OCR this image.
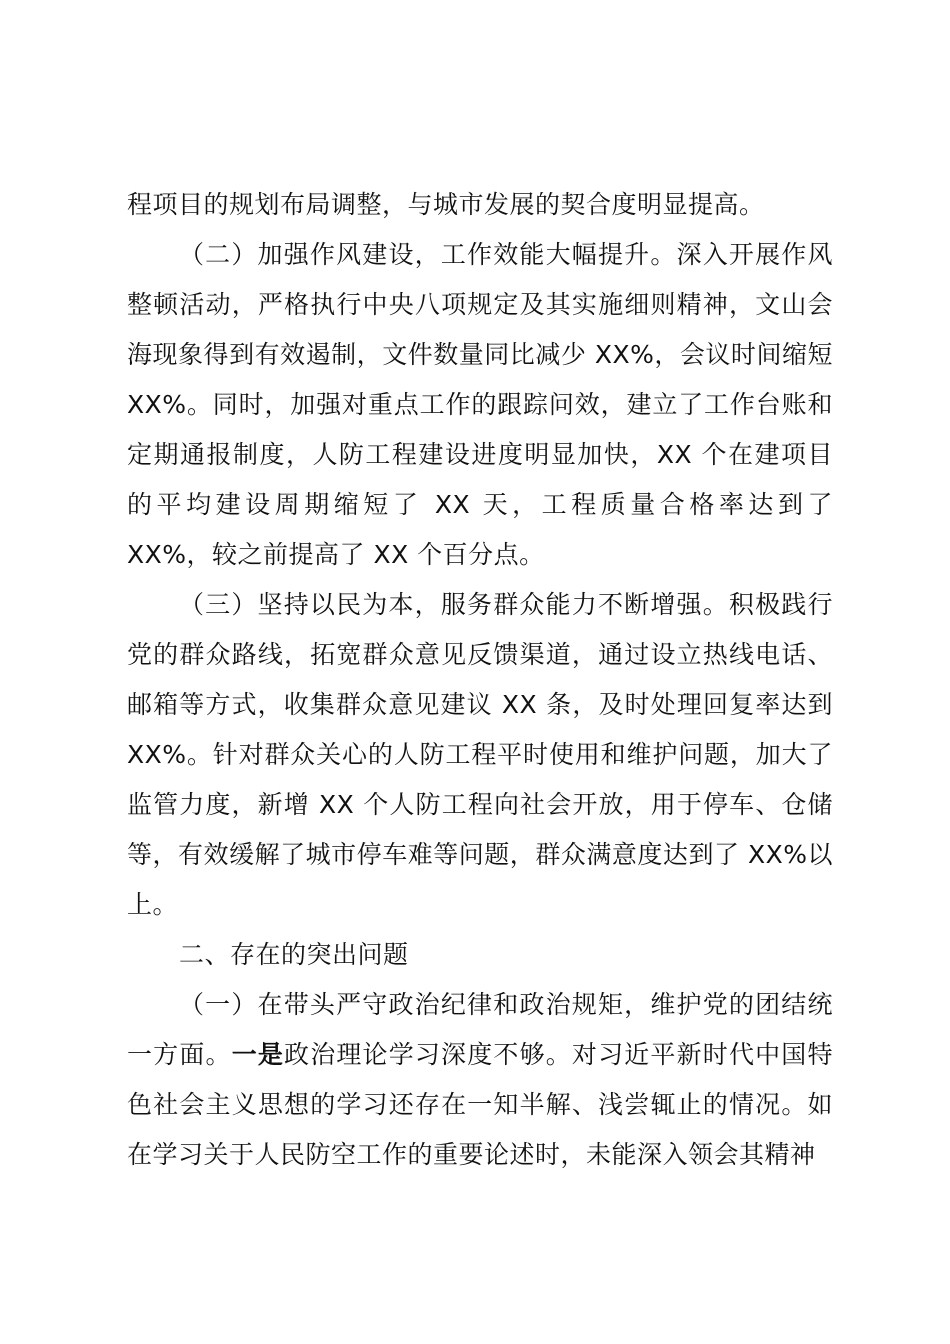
程项目的规划布局调整，与城市发展的契合度明显提高。

（二）加强作风建设，工作效能大幅提升。深入开展作风整顿活动，严格执行中央八项规定及其实施细则精神，文山会海现象得到有效遏制，文件数量同比减少 XX%，会议时间缩短 XX%。同时，加强对重点工作的跟踪问效，建立了工作台账和定期通报制度，人防工程建设进度明显加快，XX 个在建项目的平均建设周期缩短了 XX 天，工程质量合格率达到了 XX%，较之前提高了 XX 个百分点。

（三）坚持以民为本，服务群众能力不断增强。积极践行党的群众路线，拓宽群众意见反馈渠道，通过设立热线电话、邮箱等方式，收集群众意见建议 XX 条，及时处理回复率达到 XX%。针对群众关心的人防工程平时使用和维护问题，加大了监管力度，新增 XX 个人防工程向社会开放，用于停车、仓储等，有效缓解了城市停车难等问题，群众满意度达到了 XX%以上。

二、存在的突出问题

（一）在带头严守政治纪律和政治规矩，维护党的团结统一方面。一是政治理论学习深度不够。对习近平新时代中国特色社会主义思想的学习还存在一知半解、浅尝辄止的情况。如在学习关于人民防空工作的重要论述时，未能深入领会其精神
